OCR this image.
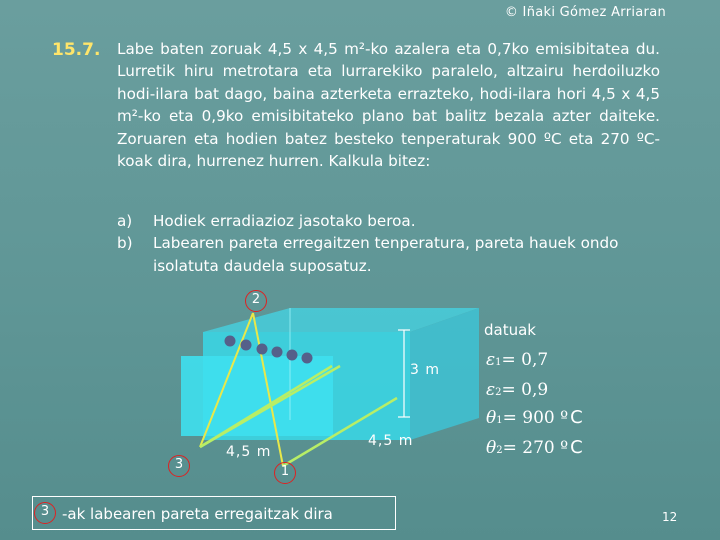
© Iñaki Gómez Arriaran
15.7. Labe baten zoruak 4,5 x 4,5 m²-ko azalera eta 0,7ko emisibitatea du. Lurretik hiru metrotara eta lurrarekiko paralelo, altzairu herdoiluzko hodi-ilara bat dago, baina azterketa errazteko, hodi-ilara hori 4,5 x 4,5 m²-ko eta 0,9ko emisibitateko plano bat balitz bezala azter daiteke. Zoruaren eta hodien batez besteko tenperaturak 900 ºC eta 270 ºC-koak dira, hurrenez hurren. Kalkula bitez:
a)	Hodiek erradiazioz jasotako beroa.
b)	Labearen pareta erregaitzen tenperatura, pareta hauek ondo isolatuta daudela suposatuz.
2
1
3
3 m
4,5 m
4,5 m
datuak
ε 1 = 0,7
ε 2 = 0,9
θ 1 = 900 º C
θ 2 = 270 º C
3 -ak labearen pareta erregaitzak dira	12
